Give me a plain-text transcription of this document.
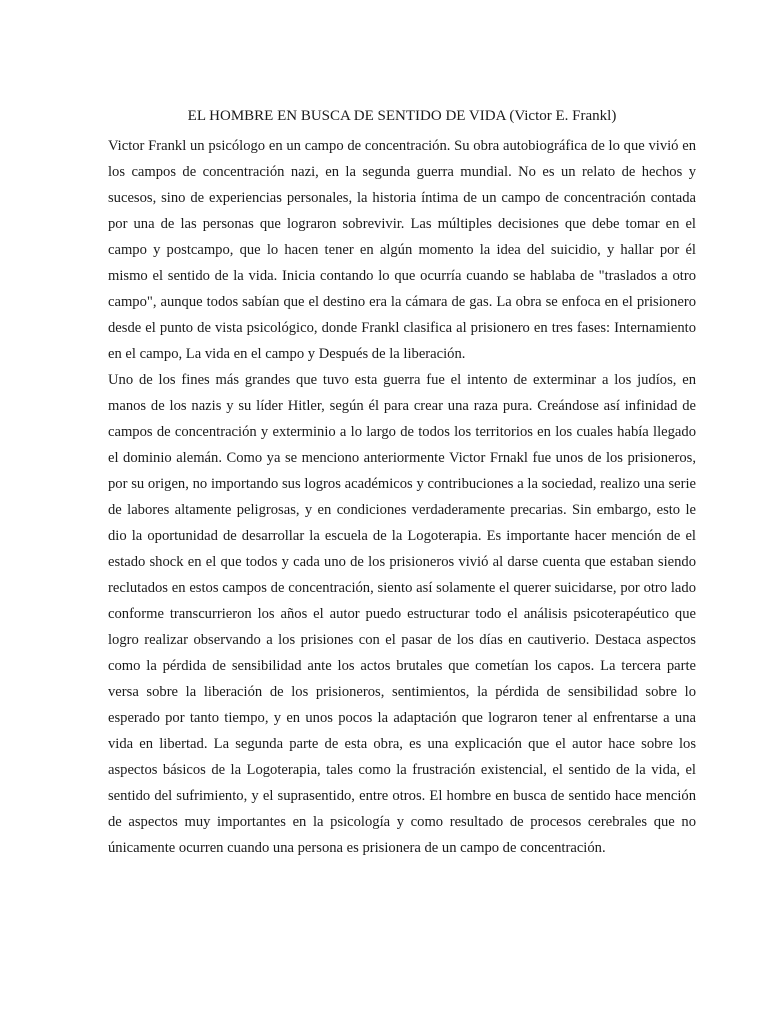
EL HOMBRE EN BUSCA DE SENTIDO DE VIDA (Victor E. Frankl)

Victor Frankl un psicólogo en un campo de concentración. Su obra autobiográfica de lo que vivió en los campos de concentración nazi, en la segunda guerra mundial. No es un relato de hechos y sucesos, sino de experiencias personales, la historia íntima de un campo de concentración contada por una de las personas que lograron sobrevivir. Las múltiples decisiones que debe tomar en el campo y postcampo, que lo hacen tener en algún momento la idea del suicidio, y hallar por él mismo el sentido de la vida. Inicia contando lo que ocurría cuando se hablaba de "traslados a otro campo", aunque todos sabían que el destino era la cámara de gas. La obra se enfoca en el prisionero desde el punto de vista psicológico, donde Frankl clasifica al prisionero en tres fases: Internamiento en el campo, La vida en el campo y Después de la liberación.

Uno de los fines más grandes que tuvo esta guerra fue el intento de exterminar a los judíos, en manos de los nazis y su líder Hitler, según él para crear una raza pura. Creándose así infinidad de campos de concentración y exterminio a lo largo de todos los territorios en los cuales había llegado el dominio alemán. Como ya se menciono anteriormente Victor Frnakl fue unos de los prisioneros, por su origen, no importando sus logros académicos y contribuciones a la sociedad, realizo una serie de labores altamente peligrosas, y en condiciones verdaderamente precarias. Sin embargo, esto le dio la oportunidad de desarrollar la escuela de la Logoterapia. Es importante hacer mención de el estado shock en el que todos y cada uno de los prisioneros vivió al darse cuenta que estaban siendo reclutados en estos campos de concentración, siento así solamente el querer suicidarse, por otro lado conforme transcurrieron los años el autor puedo estructurar todo el análisis psicoterapéutico que logro realizar observando a los prisiones con el pasar de los días en cautiverio. Destaca aspectos como la pérdida de sensibilidad ante los actos brutales que cometían los capos. La tercera parte versa sobre la liberación de los prisioneros, sentimientos, la pérdida de sensibilidad sobre lo esperado por tanto tiempo, y en unos pocos la adaptación que lograron tener al enfrentarse a una vida en libertad. La segunda parte de esta obra, es una explicación que el autor hace sobre los aspectos básicos de la Logoterapia, tales como la frustración existencial, el sentido de la vida, el sentido del sufrimiento, y el suprasentido, entre otros. El hombre en busca de sentido hace mención de aspectos muy importantes en la psicología y como resultado de procesos cerebrales que no únicamente ocurren cuando una persona es prisionera de un campo de concentración.
